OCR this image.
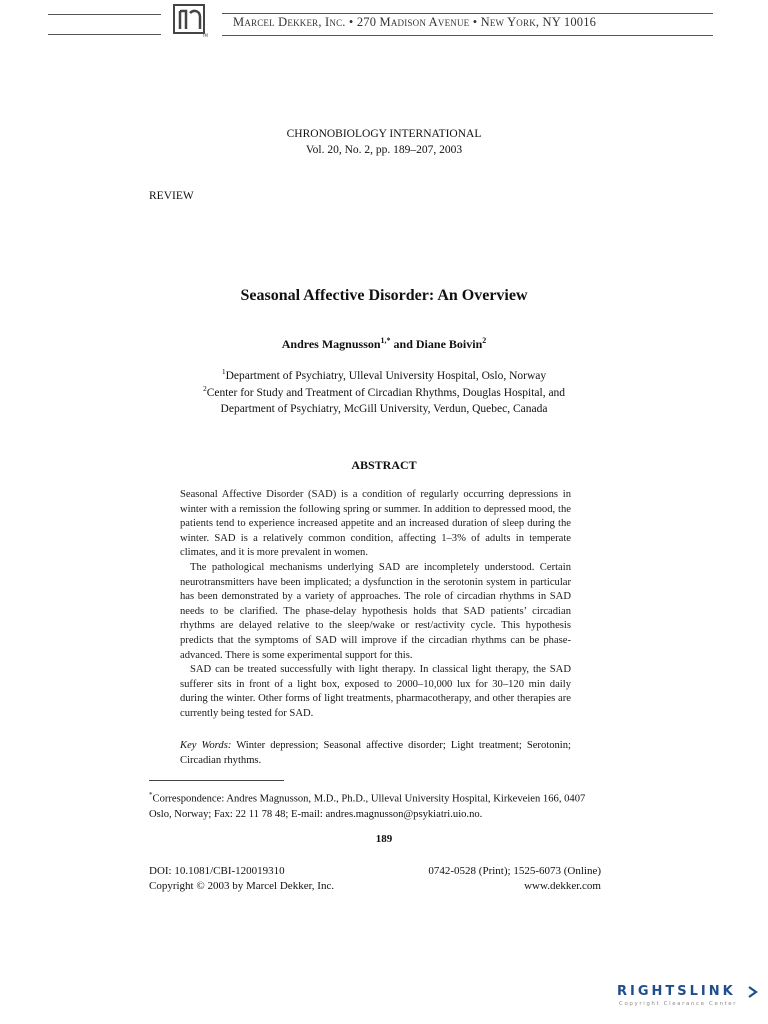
TM
Marcel Dekker, Inc. • 270 Madison Avenue • New York, NY 10016
CHRONOBIOLOGY INTERNATIONAL
Vol. 20, No. 2, pp. 189–207, 2003
REVIEW
Seasonal Affective Disorder: An Overview
Andres Magnusson$^{1,*}$ and Diane Boivin$^2$
$^1$Department of Psychiatry, Ulleval University Hospital, Oslo, Norway
$^2$Center for Study and Treatment of Circadian Rhythms, Douglas Hospital, and
Department of Psychiatry, McGill University, Verdun, Quebec, Canada
ABSTRACT

Seasonal Affective Disorder (SAD) is a condition of regularly occurring depressions in winter with a remission the following spring or summer. In addition to depressed mood, the patients tend to experience increased appetite and an increased duration of sleep during the winter. SAD is a relatively common condition, affecting 1–3% of adults in temperate climates, and it is more prevalent in women.

The pathological mechanisms underlying SAD are incompletely understood. Certain neurotransmitters have been implicated; a dysfunction in the serotonin system in particular has been demonstrated by a variety of approaches. The role of circadian rhythms in SAD needs to be clarified. The phase-delay hypothesis holds that SAD patients’ circadian rhythms are delayed relative to the sleep/wake or rest/activity cycle. This hypothesis predicts that the symptoms of SAD will improve if the circadian rhythms can be phase-advanced. There is some experimental support for this.

SAD can be treated successfully with light therapy. In classical light therapy, the SAD sufferer sits in front of a light box, exposed to 2000–10,000 lux for 30–120 min daily during the winter. Other forms of light treatments, pharmacotherapy, and other therapies are currently being tested for SAD.

Key Words: Winter depression; Seasonal affective disorder; Light treatment; Serotonin; Circadian rhythms.
*Correspondence: Andres Magnusson, M.D., Ph.D., Ulleval University Hospital, Kirkeveien 166, 0407 Oslo, Norway; Fax: 22 11 78 48; E-mail: andres.magnusson@psykiatri.uio.no.
189
DOI: 10.1081/CBI-120019310
Copyright © 2003 by Marcel Dekker, Inc.
0742-0528 (Print); 1525-6073 (Online)
www.dekker.com
RIGHTSLINK
Copyright Clearance Center
